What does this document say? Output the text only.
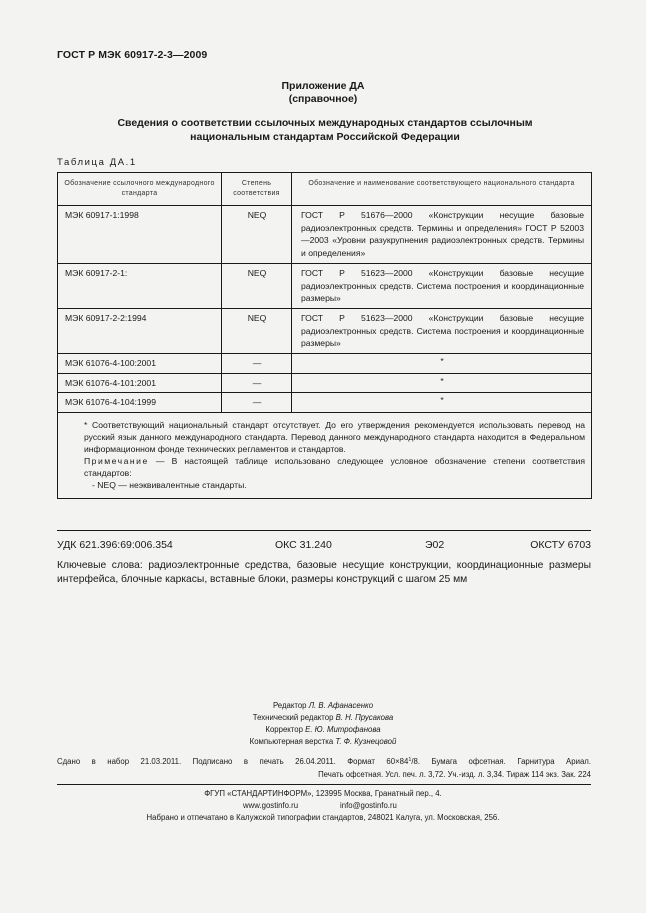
ГОСТ Р МЭК 60917-2-3—2009
Приложение ДА
(справочное)
Сведения о соответствии ссылочных международных стандартов ссылочным национальным стандартам Российской Федерации
Таблица ДА.1
Обозначение ссылочного международного стандарта	Степень соответствия	Обозначение и наименование соответствующего национального стандарта
МЭК 60917-1:1998	NEQ	ГОСТ Р 51676—2000 «Конструкции несущие базовые радиоэлектронных средств. Термины и определения» ГОСТ Р 52003—2003 «Уровни разукрупнения радиоэлектронных средств. Термины и определения»
МЭК 60917-2-1:	NEQ	ГОСТ Р 51623—2000 «Конструкции базовые несущие радиоэлектронных средств. Система построения и координационные размеры»
МЭК 60917-2-2:1994	NEQ	ГОСТ Р 51623—2000 «Конструкции базовые несущие радиоэлектронных средств. Система построения и координационные размеры»
МЭК 61076-4-100:2001	—	*
МЭК 61076-4-101:2001	—	*
МЭК 61076-4-104:1999	—	*

* Соответствующий национальный стандарт отсутствует. До его утверждения рекомендуется использовать перевод на русский язык данного международного стандарта. Перевод данного международного стандарта находится в Федеральном информационном фонде технических регламентов и стандартов.

Примечание — В настоящей таблице использовано следующее условное обозначение степени соответствия стандартов:

- NEQ — неэквивалентные стандарты.		

УДК 621.396:69:006.354	ОКС 31.240	Э02	ОКСТУ 6703
Ключевые слова: радиоэлектронные средства, базовые несущие конструкции, координационные размеры интерфейса, блочные каркасы, вставные блоки, размеры конструкций с шагом 25 мм
Редактор Л. В. Афанасенко
Технический редактор В. Н. Прусакова
Корректор Е. Ю. Митрофанова
Компьютерная верстка Т. Ф. Кузнецовой
Сдано в набор 21.03.2011. Подписано в печать 26.04.2011. Формат $60\times 84^1/8$. Бумага офсетная. Гарнитура Ариал.
Печать офсетная. Усл. печ. л. 3,72. Уч.-изд. л. 3,34. Тираж 114 экз. Зак. 224
ФГУП «СТАНДАРТИНФОРМ», 123995 Москва, Гранатный пер., 4.
www.gostinfo.ru	info@gostinfo.ru
Набрано и отпечатано в Калужской типографии стандартов, 248021 Калуга, ул. Московская, 256.
